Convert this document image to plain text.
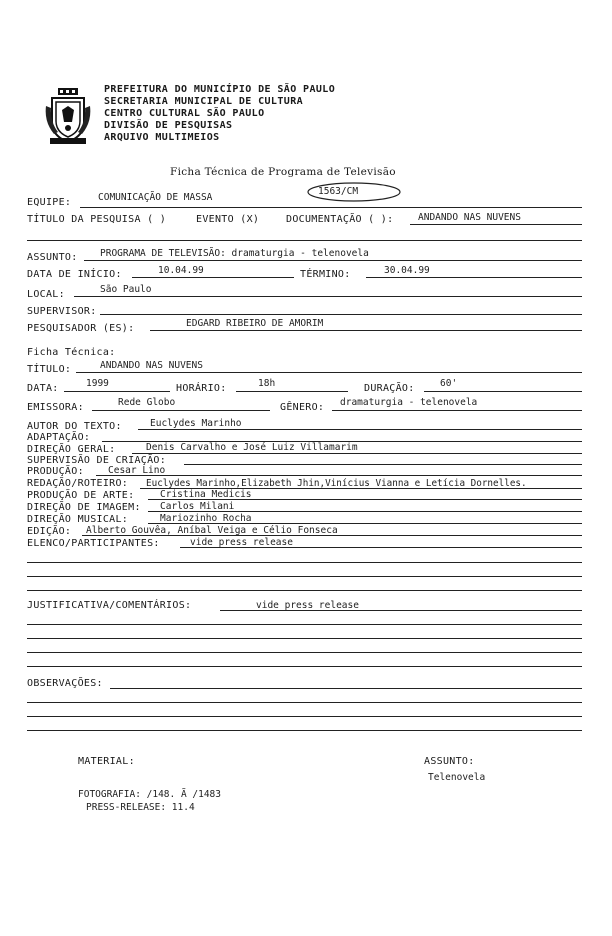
PREFEITURA DO MUNICÍPIO DE SÃO PAULO
SECRETARIA MUNICIPAL DE CULTURA
CENTRO CULTURAL SÃO PAULO
DIVISÃO DE PESQUISAS
ARQUIVO MULTIMEIOS
Ficha Técnica de Programa de Televisão
1563/CM
EQUIPE:	COMUNICAÇÃO DE MASSA
TÍTULO DA PESQUISA ( )	EVENTO (X)	DOCUMENTAÇÃO ( ):	ANDANDO NAS NUVENS
ASSUNTO: PROGRAMA DE TELEVISÃO: dramaturgia - telenovela
DATA DE INÍCIO:	10.04.99	TÉRMINO:	30.04.99
LOCAL:	São Paulo
SUPERVISOR:
PESQUISADOR (ES):	EDGARD RIBEIRO DE AMORIM
Ficha Técnica:
TÍTULO:	ANDANDO NAS NUVENS
DATA:	1999	HORÁRIO:	18h	DURAÇÃO:	60'
EMISSORA:	Rede Globo	GÊNERO: dramaturgia - telenovela
AUTOR DO TEXTO:	Euclydes Marinho
ADAPTAÇÃO:
DIREÇÃO GERAL:	Denis Carvalho e José Luiz Villamarim
SUPERVISÃO DE CRIAÇÃO:
PRODUÇÃO:	Cesar Lino
REDAÇÃO/ROTEIRO: Euclydes Marinho,Elizabeth Jhin,Vinícius Vianna e Letícia Dornelles.
PRODUÇÃO DE ARTE:	Cristina Medicis
DIREÇÃO DE IMAGEM: Carlos Milani
DIREÇÃO MUSICAL:	Mariozinho Rocha
EDIÇÃO: Alberto Gouvêa, Aníbal Veiga e Célio Fonseca
ELENCO/PARTICIPANTES:	vide press release
JUSTIFICATIVA/COMENTÁRIOS:	vide press release
OBSERVAÇÕES:
MATERIAL:
FOTOGRAFIA: /148. Ã /1483
PRESS-RELEASE: 11.4
ASSUNTO:
Telenovela
